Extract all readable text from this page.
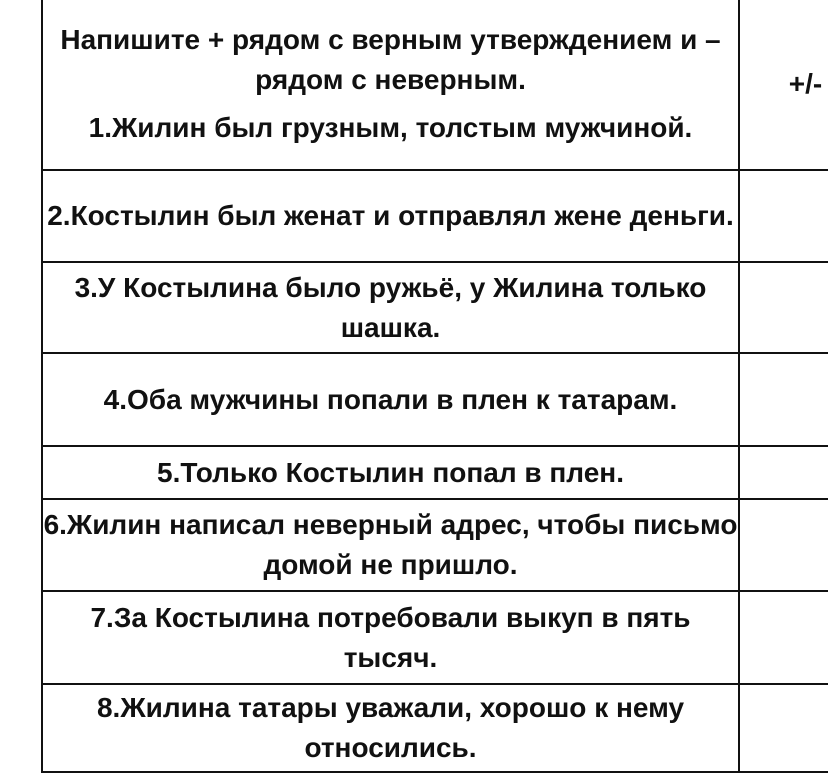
Напишите + рядом с верным утверждением и – рядом с неверным.
1.Жилин был грузным, толстым мужчиной.	+/-

2.Костылин был женат и отправлял жене деньги.	

3.У Костылина было ружьё, у Жилина только шашка.	

4.Оба мужчины попали в плен к татарам.	

5.Только Костылин попал в плен.	

6.Жилин написал неверный адрес, чтобы письмо домой не пришло.	

7.За Костылина потребовали выкуп в пять тысяч.	

8.Жилина татары уважали, хорошо к нему относились.	
